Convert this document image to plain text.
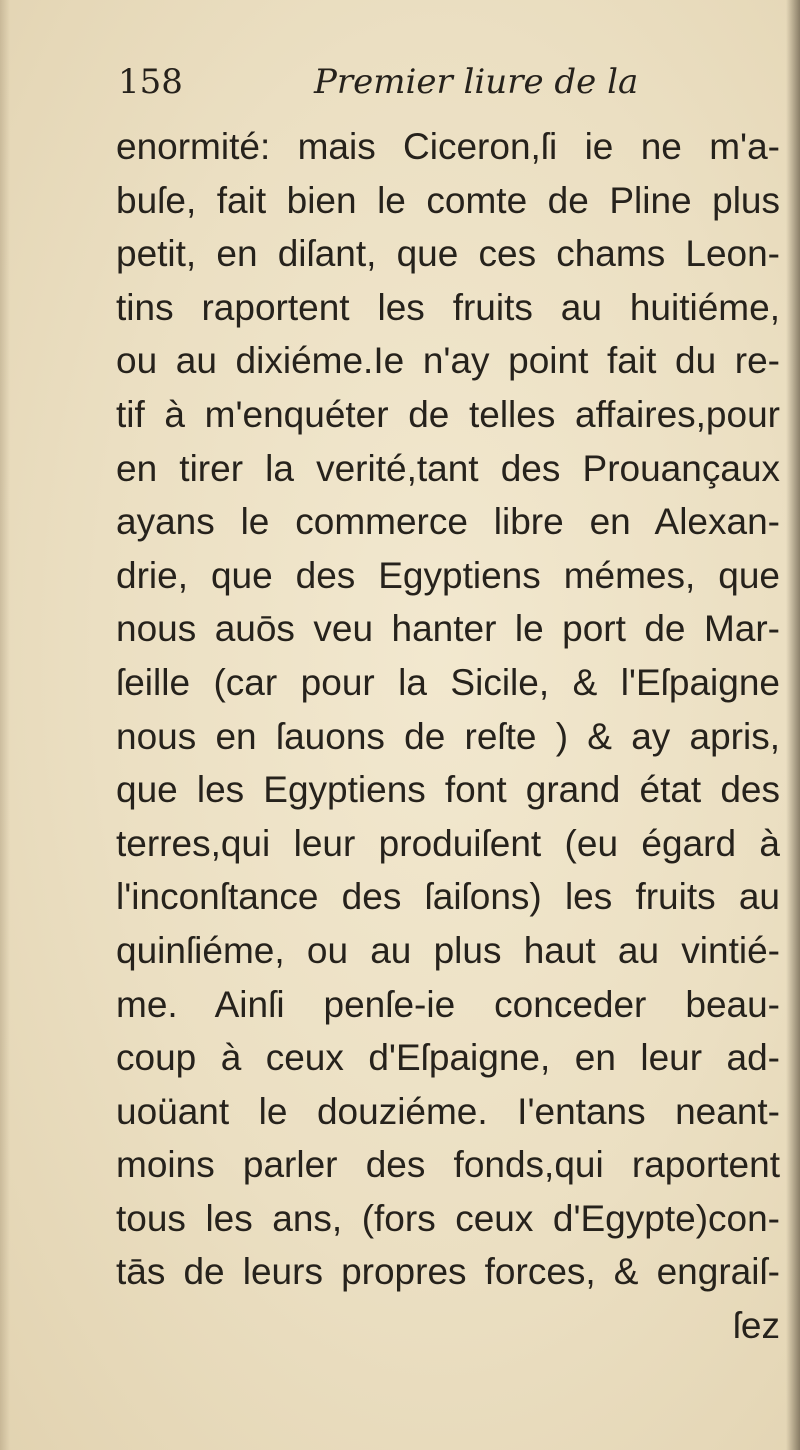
158	Premier liure de la
enormité: mais Ciceron,ſi ie ne m'a-
buſe, fait bien le comte de Pline plus
petit, en diſant, que ces chams Leon-
tins raportent les fruits au huitiéme,
ou au dixiéme.Ie n'ay point fait du re-
tif à m'enquéter de telles affaires,pour
en tirer la verité,tant des Prouançaux
ayans le commerce libre en Alexan-
drie, que des Egyptiens mémes, que
nous auōs veu hanter le port de Mar-
ſeille (car pour la Sicile, & l'Eſpaigne
nous en ſauons de reſte ) & ay apris,
que les Egyptiens font grand état des
terres,qui leur produiſent (eu égard à
l'inconſtance des ſaiſons) les fruits au
quinſiéme, ou au plus haut au vintié-
me. Ainſi penſe-ie conceder beau-
coup à ceux d'Eſpaigne, en leur ad-
uoüant le douziéme. I'entans neant-
moins parler des fonds,qui raportent
tous les ans, (fors ceux d'Egypte)con-
tās de leurs propres forces, & engraiſ-
ſez
